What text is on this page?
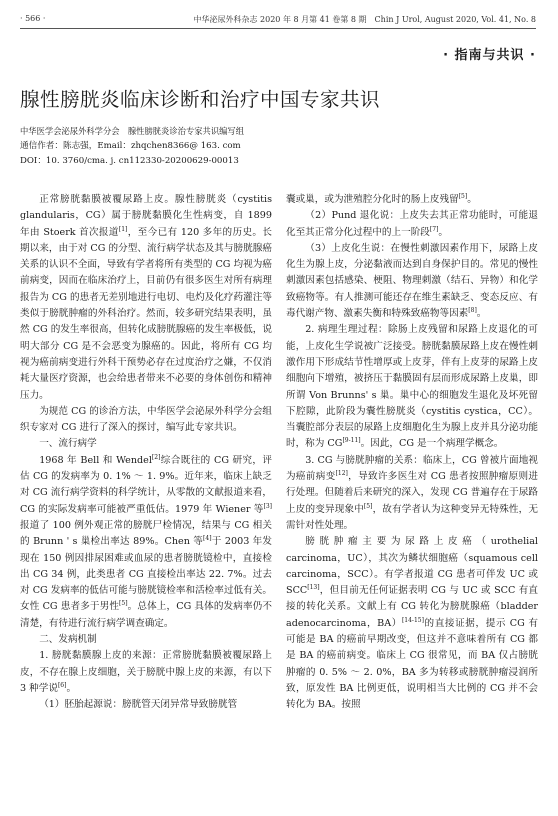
· 566 ·	中华泌尿外科杂志 2020 年 8 月第 41 卷第 8 期　Chin J Urol, August 2020, Vol. 41, No. 8
· 指南与共识 ·
腺性膀胱炎临床诊断和治疗中国专家共识
中华医学会泌尿外科学分会　腺性膀胱炎诊治专家共识编写组
通信作者：陈志强，Email：zhqchen8366@ 163. com
DOI：10. 3760/cma. j. cn112330-20200629-00013

正常膀胱黏膜被覆尿路上皮。腺性膀胱炎（cystitis glandularis，CG）属于膀胱黏膜化生性病变，自 1899 年由 Stoerk 首次报道[1]，至今已有 120 多年的历史。长期以来，由于对 CG 的分型、流行病学状态及其与膀胱腺癌关系的认识不全面，导致有学者将所有类型的 CG 均视为癌前病变，因而在临床治疗上，目前仍有很多医生对所有病理报告为 CG 的患者无差别地进行电切、电灼及化疗药灌注等类似于膀胱肿瘤的外科治疗。然而，较多研究结果表明，虽然 CG 的发生率很高，但转化成膀胱腺癌的发生率极低，说明大部分 CG 是不会恶变为腺癌的。因此，将所有 CG 均视为癌前病变进行外科干预势必存在过度治疗之嫌，不仅消耗大量医疗资源，也会给患者带来不必要的身体创伤和精神压力。

为规范 CG 的诊治方法，中华医学会泌尿外科学分会组织专家对 CG 进行了深入的探讨，编写此专家共识。

一、流行病学

1968 年 Bell 和 Wendel[2]综合既往的 CG 研究，评估 CG 的发病率为 0. 1% ～ 1. 9%。近年来，临床上缺乏对 CG 流行病学资料的科学统计，从零散的文献报道来看，CG 的实际发病率可能被严重低估。1979 年 Wiener 等[3]报道了 100 例外观正常的膀胱尸检情况，结果与 CG 相关的 Brunn ' s 巢检出率达 89%。Chen 等[4]于 2003 年发现在 150 例因排尿困难或血尿的患者膀胱镜检中，直接检出 CG 34 例，此类患者 CG 直接检出率达 22. 7%。过去对 CG 发病率的低估可能与膀胱镜检率和活检率过低有关。女性 CG 患者多于男性[5]。总体上，CG 具体的发病率仍不清楚，有待进行流行病学调查确定。

二、发病机制

1. 膀胱黏膜腺上皮的来源：正常膀胱黏膜被覆尿路上皮，不存在腺上皮细胞，关于膀胱中腺上皮的来源，有以下 3 种学说[6]。

（1）胚胎起源说：膀胱管天闭异常导致膀胱管

囊或巢，或为泄殖腔分化时的肠上皮残留[5]。

（2）Pund 退化说：上皮失去其正常功能时，可能退化至其正常分化过程中的上一阶段[7]。

（3）上皮化生说：在慢性刺激因素作用下，尿路上皮化生为腺上皮，分泌黏液而达到自身保护目的。常见的慢性刺激因素包括感染、梗阻、物理刺激（结石、异物）和化学致癌物等。有人推测可能还存在维生素缺乏、变态反应、有毒代谢产物、激素失衡和特殊致癌物等因素[8]。

2. 病理生理过程：除肠上皮残留和尿路上皮退化的可能，上皮化生学说被广泛接受。膀胱黏膜尿路上皮在慢性刺激作用下形成结节性增厚或上皮芽，伴有上皮芽的尿路上皮细胞向下增殖，被挤压于黏膜固有层而形成尿路上皮巢，即所谓 Von Brunns' s 巢。巢中心的细胞发生退化及坏死留下腔隙，此阶段为囊性膀胱炎（cystitis cystica，CC）。当囊腔部分表层的尿路上皮细胞化生为腺上皮并具分泌功能时，称为 CG[9-11]。因此，CG 是一个病理学概念。

3. CG 与膀胱肿瘤的关系：临床上，CG 曾被片面地视为癌前病变[12]，导致许多医生对 CG 患者按照肿瘤原则进行处理。但随着后来研究的深入，发现 CG 普遍存在于尿路上皮的变异现象中[5]，故有学者认为这种变异无特殊性，无需针对性处理。

膀胱肿瘤主要为尿路上皮癌（urothelial carcinoma，UC），其次为鳞状细胞癌（squamous cell carcinoma，SCC）。有学者报道 CG 患者可伴发 UC 或 SCC[13]，但目前无任何证据表明 CG 与 UC 或 SCC 有直接的转化关系。文献上有 CG 转化为膀胱腺癌（bladder adenocarcinoma，BA）[14-15]的直接证据，提示 CG 有可能是 BA 的癌前早期改变，但这并不意味着所有 CG 都是 BA 的癌前病变。临床上 CG 很常见，而 BA 仅占膀胱肿瘤的 0. 5% ～ 2. 0%，BA 多为转移或膀胱肿瘤浸润所致，原发性 BA 比例更低，说明相当大比例的 CG 并不会转化为 BA。按照
